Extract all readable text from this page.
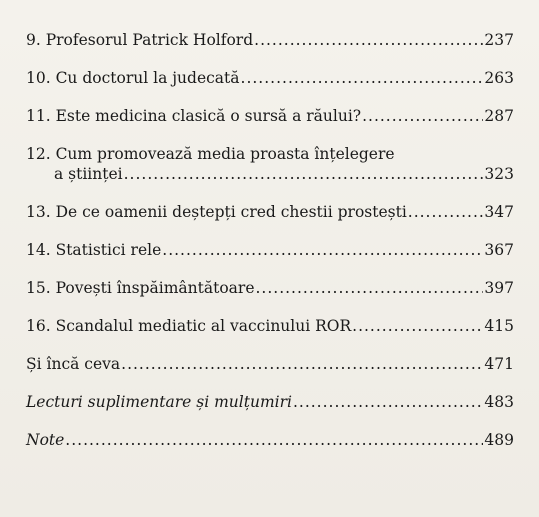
9. Profesorul Patrick Holford .....	237
10. Cu doctorul la judecată .....	263
11. Este medicina clasică o sursă a răului? .....	287
12. Cum promovează media proasta înțelegere
a științei .....	323
13. De ce oamenii deștepți cred chestii prostești .....	347
14. Statistici rele .....	367
15. Povești înspăimântătoare .....	397
16. Scandalul mediatic al vaccinului ROR .....	415
Și încă ceva .....	471
Lecturi suplimentare și mulțumiri .....	483
Note .....	489
